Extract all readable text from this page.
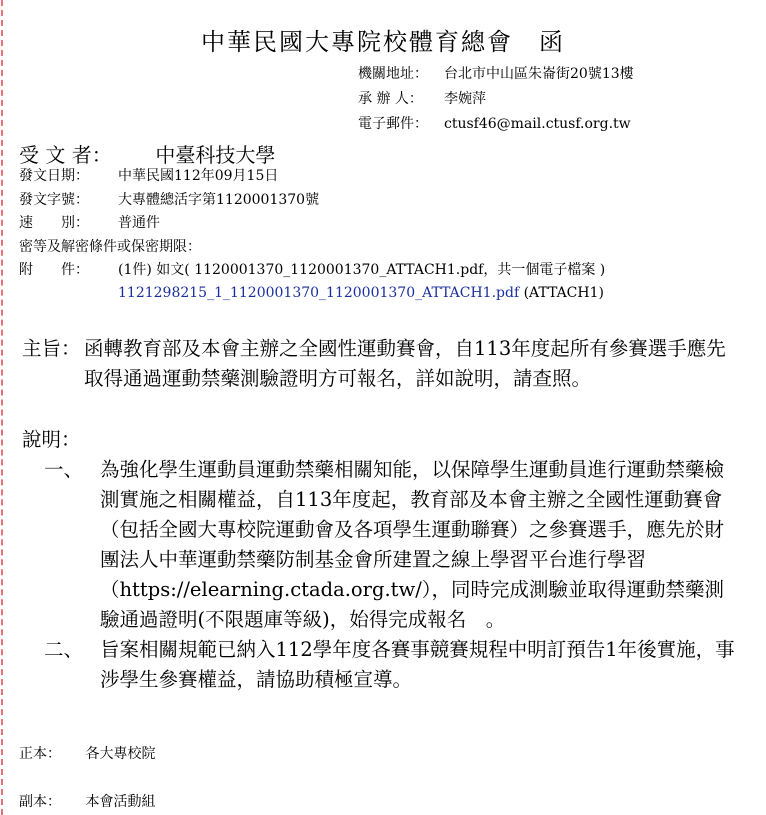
中華民國大專院校體育總會　函
機關地址：	台北市中山區朱崙街20號13樓
承 辦 人：	李婉萍
電子郵件：	ctusf46@mail.ctusf.org.tw
受 文 者： 中臺科技大學
發文日期：	中華民國112年09月15日
發文字號：	大專體總活字第1120001370號
速　　別：	普通件
密等及解密條件或保密期限：
附　　件：	(1件) 如文( 1120001370_1120001370_ATTACH1.pdf，共一個電子檔案 ) 1121298215_1_1120001370_1120001370_ATTACH1.pdf (ATTACH1)
主旨： 函轉教育部及本會主辦之全國性運動賽會，自113年度起所有參賽選手應先取得通過運動禁藥測驗證明方可報名，詳如說明，請查照。
說明：
一、 為強化學生運動員運動禁藥相關知能，以保障學生運動員進行運動禁藥檢測實施之相關權益，自113年度起，教育部及本會主辦之全國性運動賽會（包括全國大專校院運動會及各項學生運動聯賽）之參賽選手，應先於財團法人中華運動禁藥防制基金會所建置之線上學習平台進行學習（https://elearning.ctada.org.tw/），同時完成測驗並取得運動禁藥測驗通過證明(不限題庫等級)，始得完成報名　。
二、 旨案相關規範已納入112學年度各賽事競賽規程中明訂預告1年後實施，事涉學生參賽權益，請協助積極宣導。
正本： 各大專校院
副本： 本會活動組
